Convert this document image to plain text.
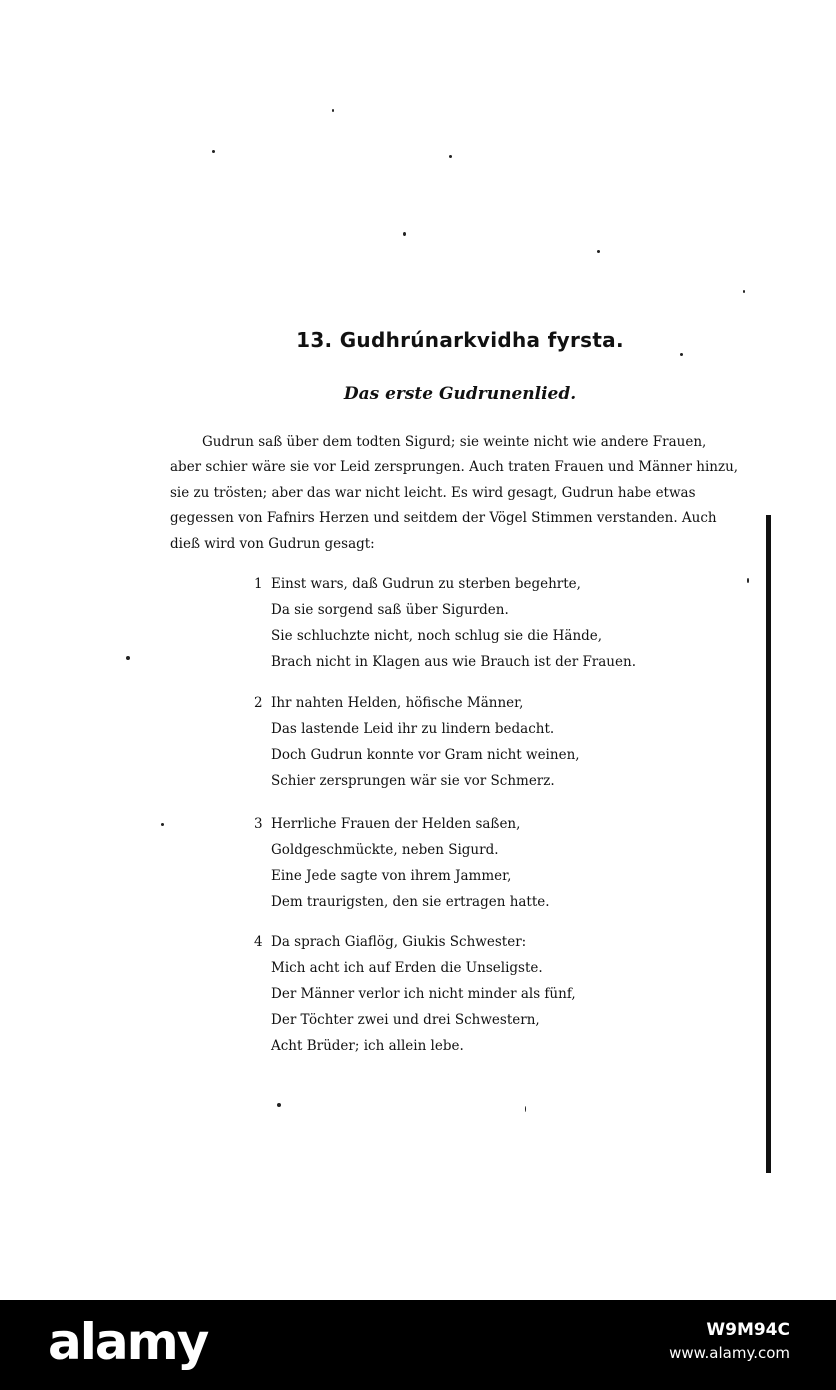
13. Gudhrúnarkvidha fyrsta.
Das erste Gudrunenlied.
Gudrun saß über dem todten Sigurd; sie weinte nicht wie andere Frauen,
aber schier wäre sie vor Leid zersprungen. Auch traten Frauen und Männer hinzu,
sie zu trösten; aber das war nicht leicht. Es wird gesagt, Gudrun habe etwas
gegessen von Fafnirs Herzen und seitdem der Vögel Stimmen verstanden. Auch
dieß wird von Gudrun gesagt:
1 Einst wars, daß Gudrun zu sterben begehrte,
Da sie sorgend saß über Sigurden.
Sie schluchzte nicht, noch schlug sie die Hände,
Brach nicht in Klagen aus wie Brauch ist der Frauen.
2 Ihr nahten Helden, höfische Männer,
Das lastende Leid ihr zu lindern bedacht.
Doch Gudrun konnte vor Gram nicht weinen,
Schier zersprungen wär sie vor Schmerz.
3 Herrliche Frauen der Helden saßen,
Goldgeschmückte, neben Sigurd.
Eine Jede sagte von ihrem Jammer,
Dem traurigsten, den sie ertragen hatte.
4 Da sprach Giaflög, Giukis Schwester:
Mich acht ich auf Erden die Unseligste.
Der Männer verlor ich nicht minder als fünf,
Der Töchter zwei und drei Schwestern,
Acht Brüder; ich allein lebe.
alamy	W9M94C
www.alamy.com
